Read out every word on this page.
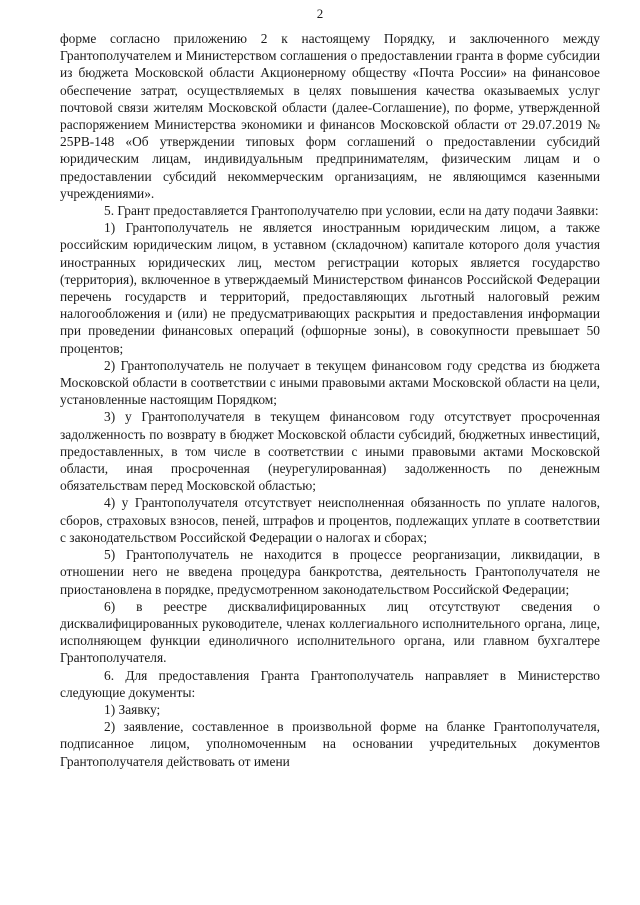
2

форме согласно приложению 2 к настоящему Порядку, и заключенного между Грантополучателем и Министерством соглашения о предоставлении гранта в форме субсидии из бюджета Московской области Акционерному обществу «Почта России» на финансовое обеспечение затрат, осуществляемых в целях повышения качества оказываемых услуг почтовой связи жителям Московской области (далее-Соглашение), по форме, утвержденной распоряжением Министерства экономики и финансов Московской области от 29.07.2019 № 25РВ-148 «Об утверждении типовых форм соглашений о предоставлении субсидий юридическим лицам, индивидуальным предпринимателям, физическим лицам и о предоставлении субсидий некоммерческим организациям, не являющимся казенными учреждениями».

5. Грант предоставляется Грантополучателю при условии, если на дату подачи Заявки:

1) Грантополучатель не является иностранным юридическим лицом, а также российским юридическим лицом, в уставном (складочном) капитале которого доля участия иностранных юридических лиц, местом регистрации которых является государство (территория), включенное в утверждаемый Министерством финансов Российской Федерации перечень государств и территорий, предоставляющих льготный налоговый режим налогообложения и (или) не предусматривающих раскрытия и предоставления информации при проведении финансовых операций (офшорные зоны), в совокупности превышает 50 процентов;

2) Грантополучатель не получает в текущем финансовом году средства из бюджета Московской области в соответствии с иными правовыми актами Московской области на цели, установленные настоящим Порядком;

3) у Грантополучателя в текущем финансовом году отсутствует просроченная задолженность по возврату в бюджет Московской области субсидий, бюджетных инвестиций, предоставленных, в том числе в соответствии с иными правовыми актами Московской области, иная просроченная (неурегулированная) задолженность по денежным обязательствам перед Московской областью;

4) у Грантополучателя отсутствует неисполненная обязанность по уплате налогов, сборов, страховых взносов, пеней, штрафов и процентов, подлежащих уплате в соответствии с законодательством Российской Федерации о налогах и сборах;

5) Грантополучатель не находится в процессе реорганизации, ликвидации, в отношении него не введена процедура банкротства, деятельность Грантополучателя не приостановлена в порядке, предусмотренном законодательством Российской Федерации;

6) в реестре дисквалифицированных лиц отсутствуют сведения о дисквалифицированных руководителе, членах коллегиального исполнительного органа, лице, исполняющем функции единоличного исполнительного органа, или главном бухгалтере Грантополучателя.

6. Для предоставления Гранта Грантополучатель направляет в Министерство следующие документы:

1) Заявку;

2) заявление, составленное в произвольной форме на бланке Грантополучателя, подписанное лицом, уполномоченным на основании учредительных документов Грантополучателя действовать от имени
